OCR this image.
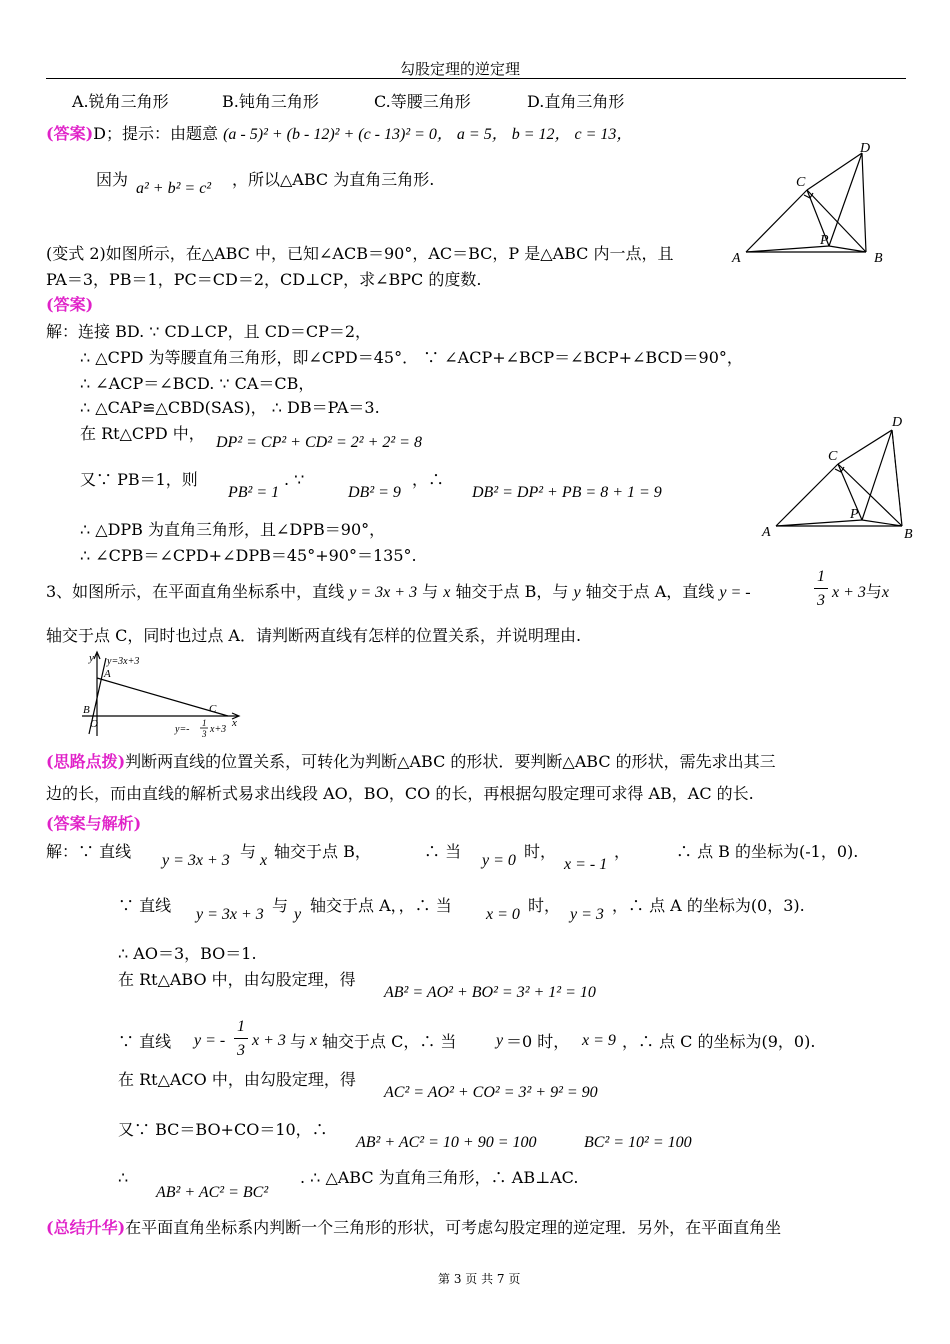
勾股定理的逆定理
A.锐角三角形	B.钝角三角形	C.等腰三角形	D.直角三角形
(答案)D；提示：由题意 (a - 5)² + (b - 12)² + (c - 13)² = 0， a = 5， b = 12， c = 13，
因为 a² + b² = c² ，所以△ABC 为直角三角形.
A	B
C
D
P
(变式 2)如图所示，在△ABC 中，已知∠ACB＝90°，AC＝BC，P 是△ABC 内一点，且
PA＝3，PB＝1，PC＝CD＝2，CD⊥CP，求∠BPC 的度数.
(答案)
解：连接 BD. ∵ CD⊥CP，且 CD＝CP＝2，
∴ △CPD 为等腰直角三角形，即∠CPD＝45°． ∵ ∠ACP+∠BCP＝∠BCP+∠BCD＝90°，
∴ ∠ACP＝∠BCD. ∵ CA＝CB，
∴ △CAP≌△CBD(SAS)， ∴ DB＝PA＝3.
在 Rt△CPD 中， DP² = CP² + CD² = 2² + 2² = 8
又∵ PB＝1，则
PB² = 1
. ∵
DB² = 9
，∴
DB² = DP² + PB = 8 + 1 = 9
∴ △DPB 为直角三角形，且∠DPB＝90°，
∴ ∠CPB＝∠CPD+∠DPB＝45°+90°＝135°.
A	B
C
D
P
3、如图所示，在平面直角坐标系中，直线 y = 3x + 3 与 x 轴交于点 B，与 y 轴交于点 A，直线 y = -
1
3 x + 3与x
轴交于点 C，同时也过点 A．请判断两直线有怎样的位置关系，并说明理由.
y y=3x+3
A
B
O
C
x
y=-
1
3 x+3
(思路点拨)判断两直线的位置关系，可转化为判断△ABC 的形状．要判断△ABC 的形状，需先求出其三
边的长，而由直线的解析式易求出线段 AO，BO，CO 的长，再根据勾股定理可求得 AB，AC 的长.
(答案与解析)
解：∵ 直线 y = 3x + 3 与 x 轴交于点 B，	∴ 当 y = 0 时，
x = - 1
，	∴ 点 B 的坐标为(-1，0).
∵ 直线 y = 3x + 3 与 y 轴交于点 A，，∴ 当 x = 0 时， y = 3 ，∴ 点 A 的坐标为(0，3).
∴ AO＝3，BO＝1.
在 Rt△ABO 中，由勾股定理，得
AB² = AO² + BO² = 3² + 1² = 10
∵ 直线 y = -
1
3
x + 3 与 x 轴交于点 C，∴ 当 y ＝0 时， x = 9 ，∴ 点 C 的坐标为(9，0).
在 Rt△ACO 中，由勾股定理，得
AC² = AO² + CO² = 3² + 9² = 90
又∵ BC＝BO+CO＝10，∴
AB² + AC² = 10 + 90 = 100	BC² = 10² = 100
∴
AB² + AC² = BC²
. ∴ △ABC 为直角三角形，∴ AB⊥AC.
(总结升华)在平面直角坐标系内判断一个三角形的形状，可考虑勾股定理的逆定理．另外，在平面直角坐
第 3 页 共 7 页
